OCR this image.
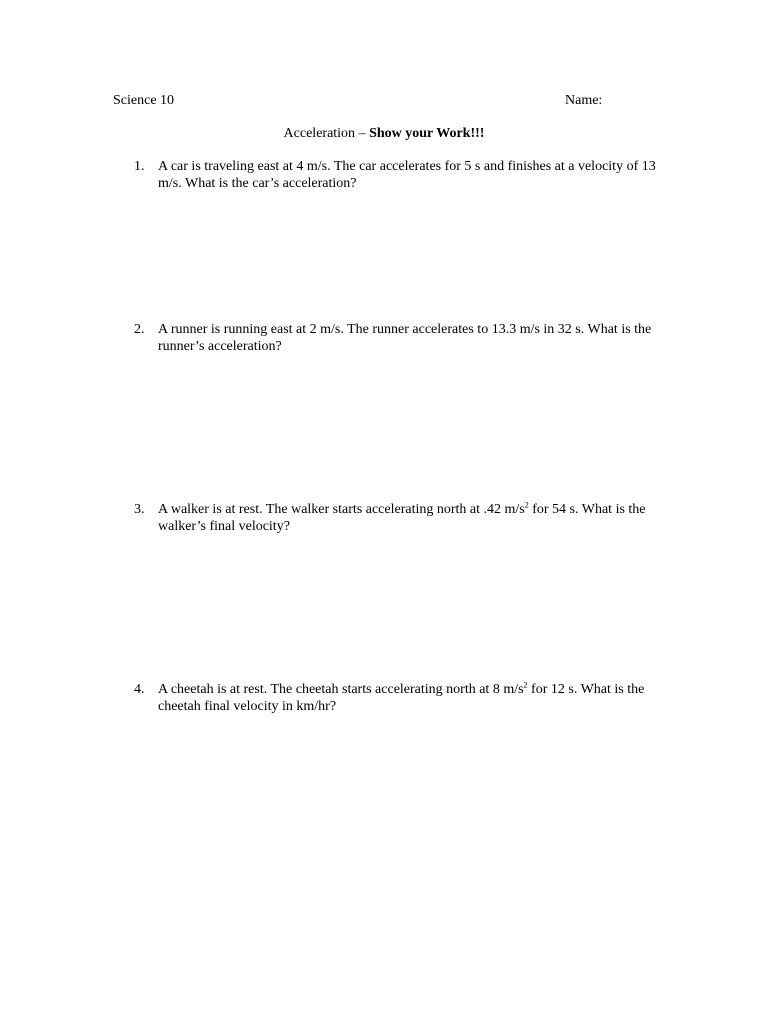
Science 10	Name:
Acceleration – Show your Work!!!
1. A car is traveling east at 4 m/s. The car accelerates for 5 s and finishes at a velocity of 13 m/s. What is the car’s acceleration?
2. A runner is running east at 2 m/s. The runner accelerates to 13.3 m/s in 32 s. What is the runner’s acceleration?
3. A walker is at rest. The walker starts accelerating north at .42 $m/s^2$ for 54 s. What is the walker’s final velocity?
4. A cheetah is at rest. The cheetah starts accelerating north at 8 $m/s^2$ for 12 s. What is the cheetah final velocity in km/hr?
